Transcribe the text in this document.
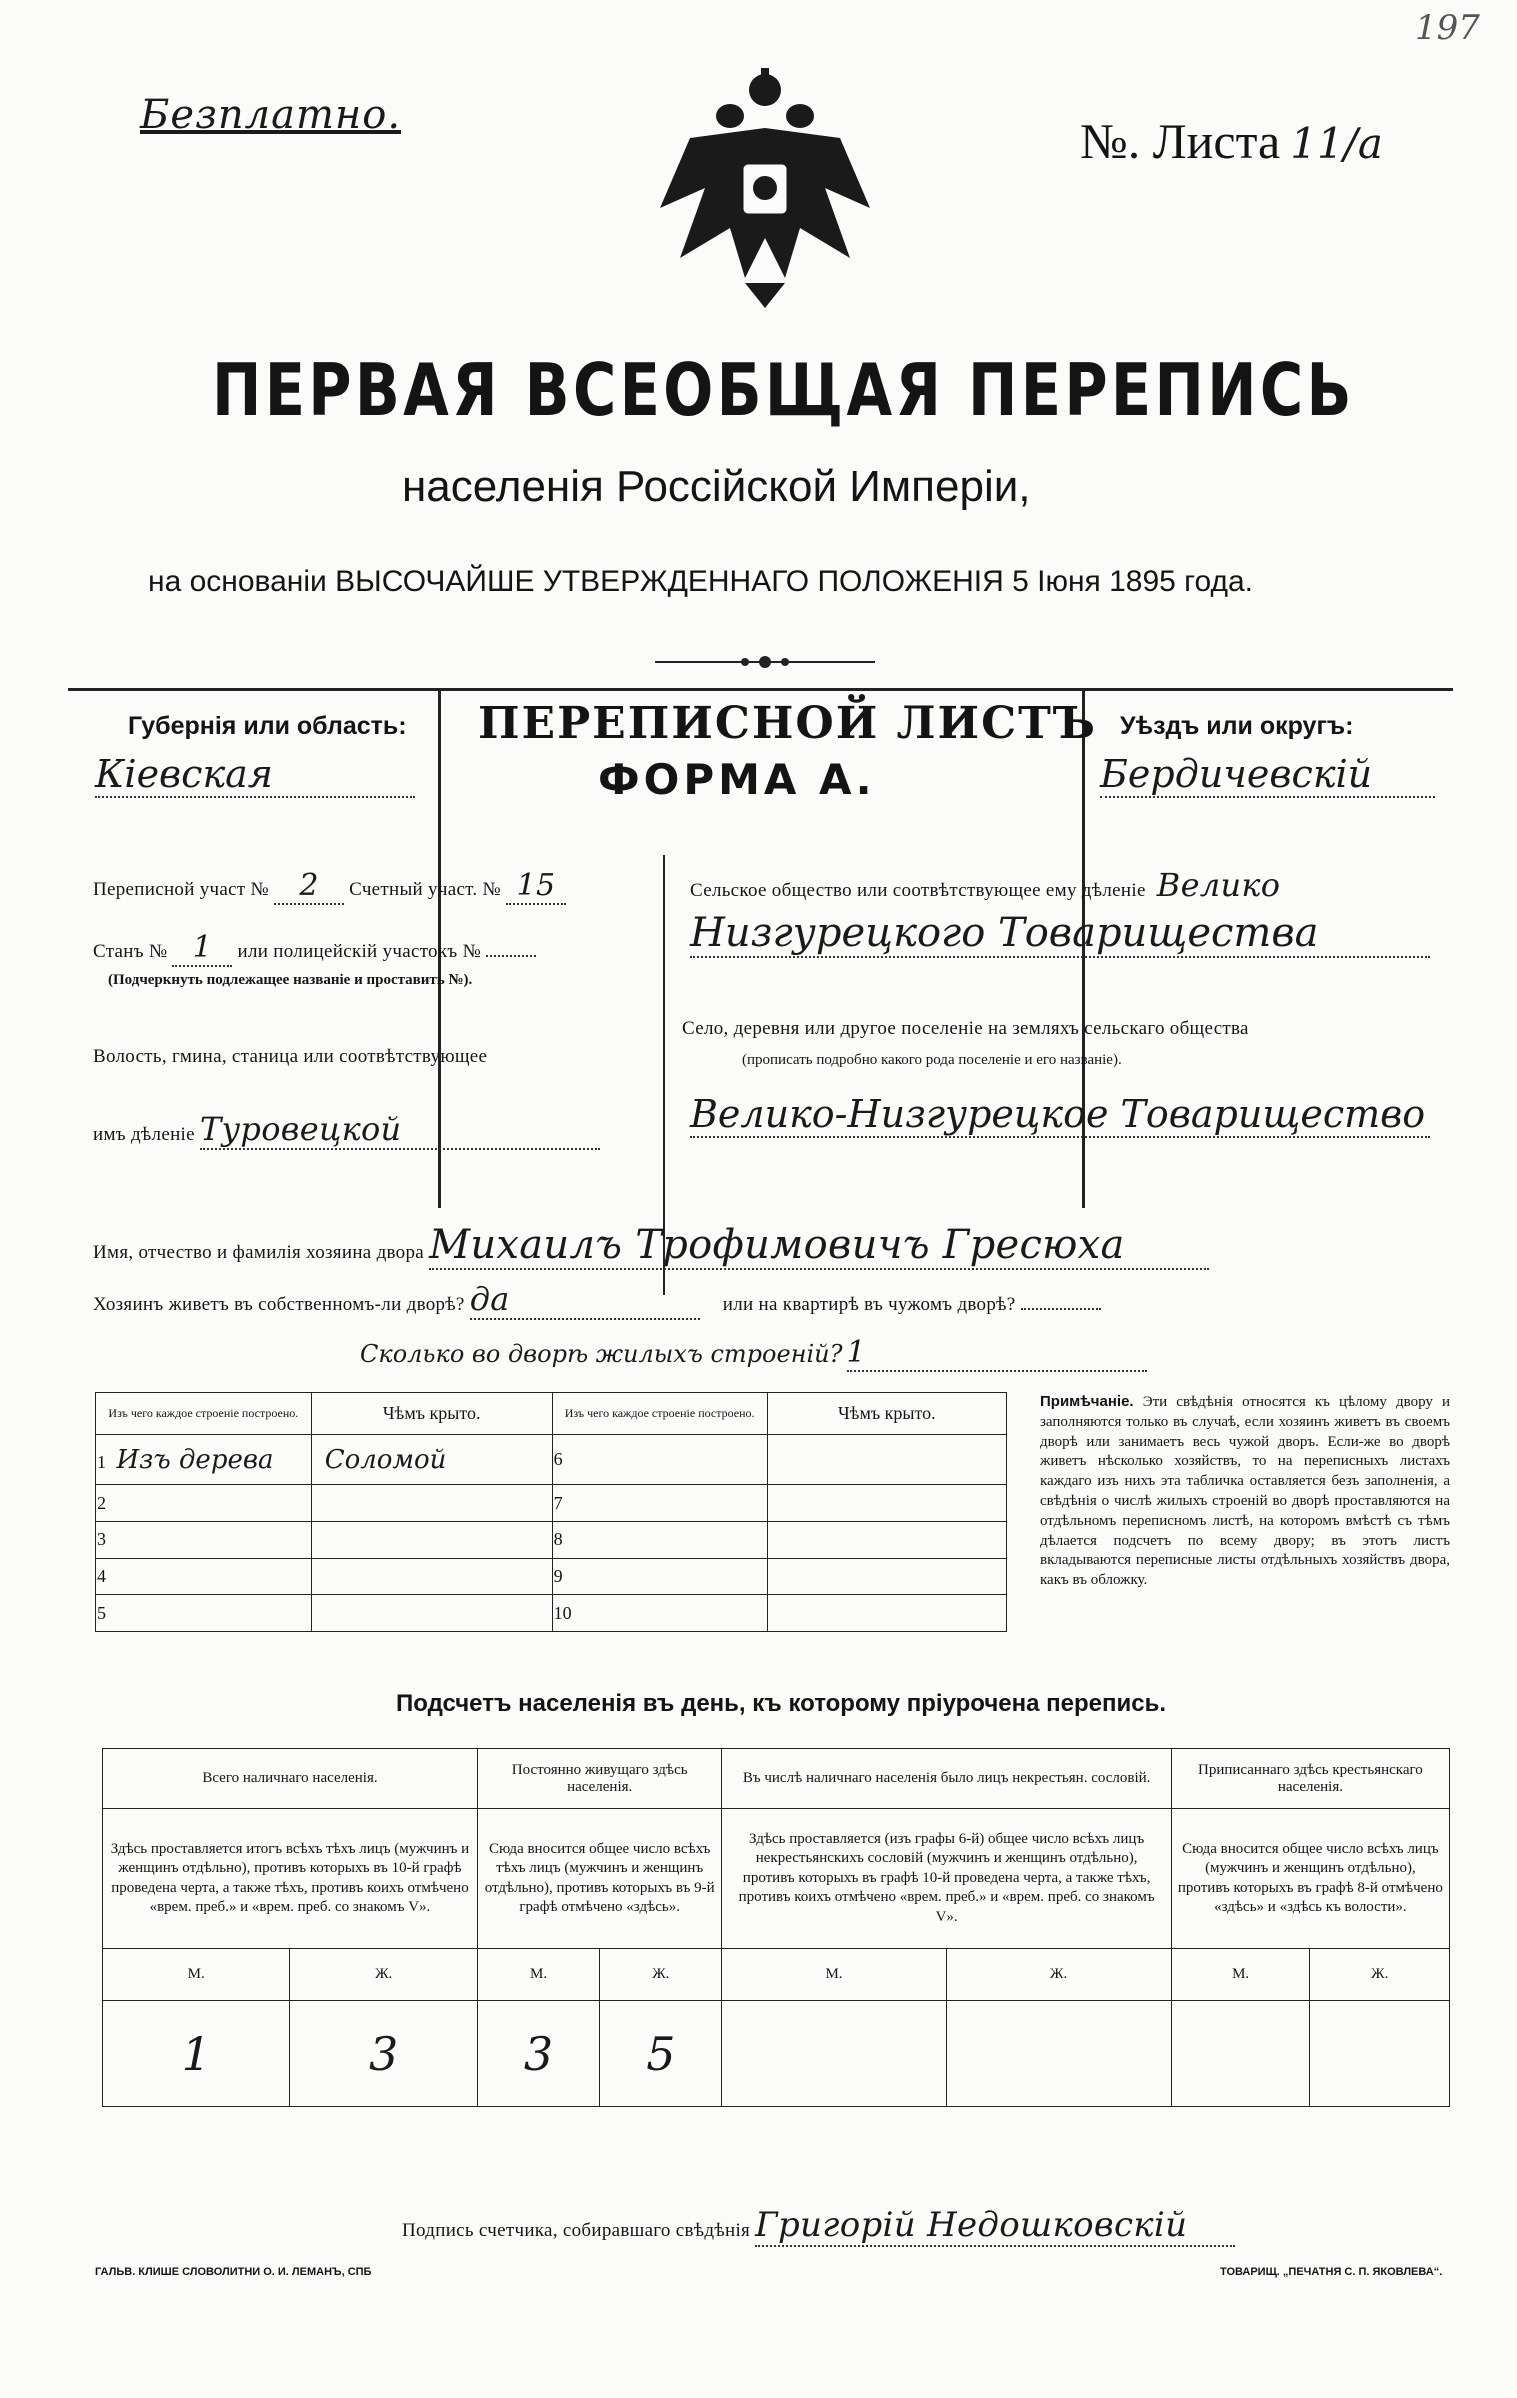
Безплатно.	№. Листа 11/а
197
ПЕРВАЯ ВСЕОБЩАЯ ПЕРЕПИСЬ
населенія Россійской Имперіи,
на основаніи ВЫСОЧАЙШЕ УТВЕРЖДЕННАГО ПОЛОЖЕНІЯ 5 Іюня 1895 года.
Губернія или область:
Кіевская
ПЕРЕПИСНОЙ ЛИСТЪ
ФОРМА А.
Уѣздъ или округъ:
Бердичевскій
Переписной участ № 2 Счетный участ. № 15
Станъ № 1 или полицейскій участокъ №
(Подчеркнуть подлежащее названіе и проставить №).
Волость, гмина, станица или соотвѣтствующее
имъ дѣленіе Туровецкой
Сельское общество или соотвѣтствующее ему дѣленіе Велико
Низгурецкого Товарищества
Село, деревня или другое поселеніе на земляхъ сельскаго общества
(прописать подробно какого рода поселеніе и его названіе).
Велико-Низгурецкое Товарищество
Имя, отчество и фамилія хозяина двора Михаилъ Трофимовичъ Гресюха
Хозяинъ живетъ въ собственномъ-ли дворѣ? да	или на квартирѣ въ чужомъ дворѣ?
Сколько во дворѣ жилыхъ строеній? 1
Изъ чего каждое строеніе построено.	Чѣмъ крыто.	Изъ чего каждое строеніе построено.	Чѣмъ крыто.
1 Изъ дерева	Соломой	6	
2		7	
3		8	
4		9	
5		10	
Примѣчаніе. Эти свѣдѣнія относятся къ цѣлому двору и заполняются только въ случаѣ, если хозяинъ живетъ въ своемъ дворѣ или занимаетъ весь чужой дворъ. Если-же во дворѣ живетъ нѣсколько хозяйствъ, то на переписныхъ листахъ каждаго изъ нихъ эта табличка оставляется безъ заполненія, а свѣдѣнія о числѣ жилыхъ строеній во дворѣ проставляются на отдѣльномъ переписномъ листѣ, на которомъ вмѣстѣ съ тѣмъ дѣлается подсчетъ по всему двору; въ этотъ листъ вкладываются переписные листы отдѣльныхъ хозяйствъ двора, какъ въ обложку.
Подсчетъ населенія въ день, къ которому пріурочена перепись.
Всего наличнаго населенія.		Постоянно живущаго здѣсь населенія.		Въ числѣ наличнаго населенія было лицъ некрестьян. сословій.		Приписаннаго здѣсь крестьянскаго населенія.	
Здѣсь проставляется итогъ всѣхъ тѣхъ лицъ (мужчинъ и женщинъ отдѣльно), противъ которыхъ въ 10-й графѣ проведена черта, а также тѣхъ, противъ коихъ отмѣчено «врем. преб.» и «врем. преб. со знакомъ V».		Сюда вносится общее число всѣхъ тѣхъ лицъ (мужчинъ и женщинъ отдѣльно), противъ которыхъ въ 9-й графѣ отмѣчено «здѣсь».		Здѣсь проставляется (изъ графы 6-й) общее число всѣхъ лицъ некрестьянскихъ сословій (мужчинъ и женщинъ отдѣльно), противъ которыхъ въ графѣ 10-й проведена черта, а также тѣхъ, противъ коихъ отмѣчено «врем. преб.» и «врем. преб. со знакомъ V».		Сюда вносится общее число всѣхъ лицъ (мужчинъ и женщинъ отдѣльно), противъ которыхъ въ графѣ 8-й отмѣчено «здѣсь» и «здѣсь къ волости».	
М.	Ж.	М.	Ж.	М.	Ж.	М.	Ж.
1	3	3	5				
Подпись счетчика, собиравшаго свѣдѣнія Григорій Недошковскій
ГАЛЬВ. КЛИШЕ СЛОВОЛИТНИ О. И. ЛЕМАНЪ, СПБ	ТОВАРИЩ. „ПЕЧАТНЯ С. П. ЯКОВЛЕВА“.
